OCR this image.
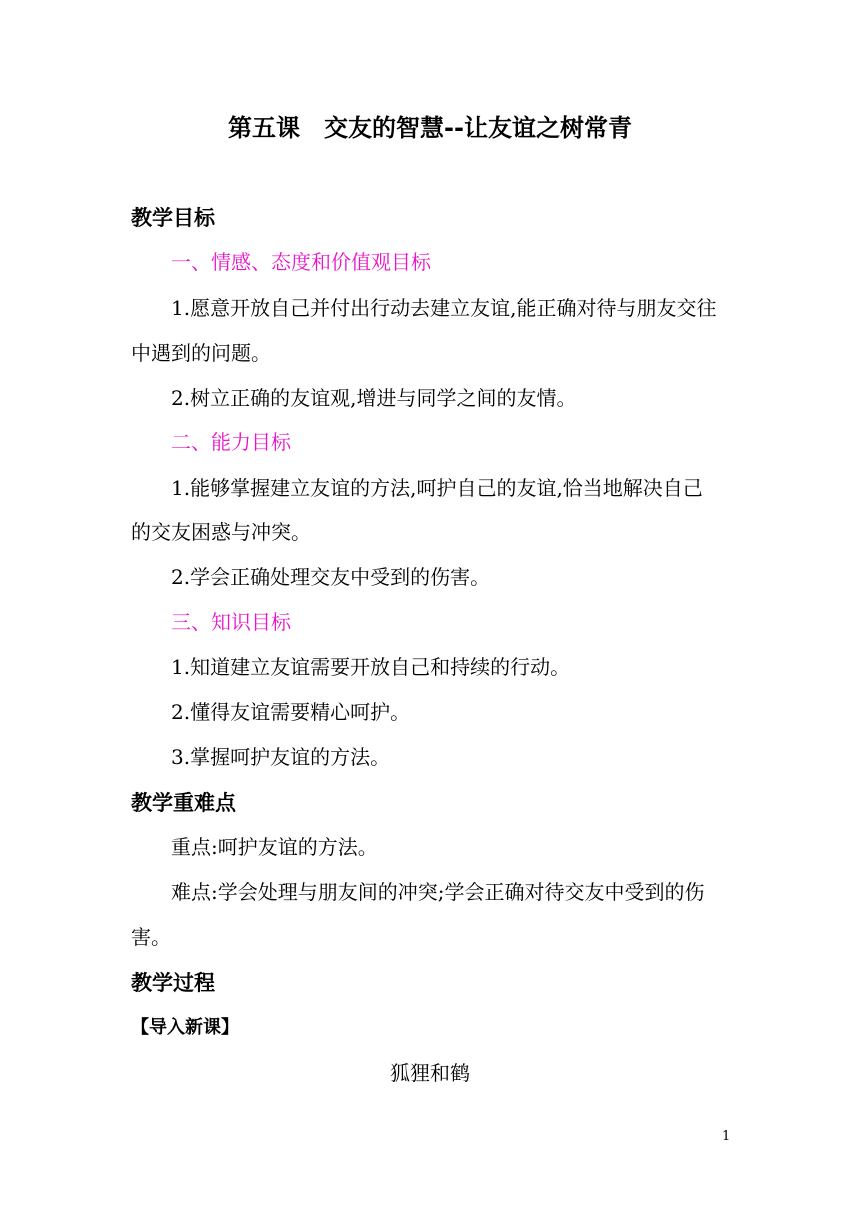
第五课　交友的智慧--让友谊之树常青
教学目标
一、情感、态度和价值观目标
1.愿意开放自己并付出行动去建立友谊,能正确对待与朋友交往
中遇到的问题。
2.树立正确的友谊观,增进与同学之间的友情。
二、能力目标
1.能够掌握建立友谊的方法,呵护自己的友谊,恰当地解决自己
的交友困惑与冲突。
2.学会正确处理交友中受到的伤害。
三、知识目标
1.知道建立友谊需要开放自己和持续的行动。
2.懂得友谊需要精心呵护。
3.掌握呵护友谊的方法。
教学重难点
重点:呵护友谊的方法。
难点:学会处理与朋友间的冲突;学会正确对待交友中受到的伤
害。
教学过程
【导入新课】
狐狸和鹤
1
